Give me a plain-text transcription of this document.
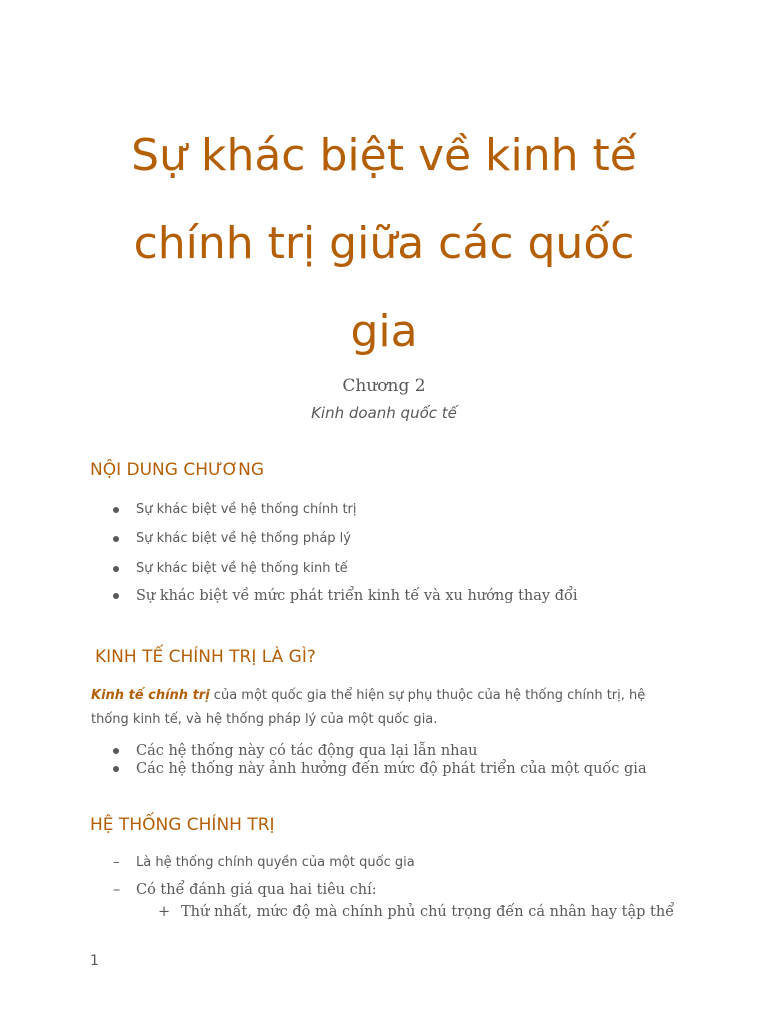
Sự khác biệt về kinh tế
chính trị giữa các quốc
gia
Chương 2
Kinh doanh quốc tế
NỘI DUNG CHƯƠNG
Sự khác biệt về hệ thống chính trị
Sự khác biệt về hệ thống pháp lý
Sự khác biệt về hệ thống kinh tế
Sự khác biệt về mức phát triển kinh tế và xu hướng thay đổi
KINH TẾ CHÍNH TRỊ LÀ GÌ?

Kinh tế chính trị của một quốc gia thể hiện sự phụ thuộc của hệ thống chính trị, hệ thống kinh tế, và hệ thống pháp lý của một quốc gia.

Các hệ thống này có tác động qua lại lẫn nhau
Các hệ thống này ảnh hưởng đến mức độ phát triển của một quốc gia
HỆ THỐNG CHÍNH TRỊ
– Là hệ thống chính quyền của một quốc gia
– Có thể đánh giá qua hai tiêu chí:
+ Thứ nhất, mức độ mà chính phủ chú trọng đến cá nhân hay tập thể
1
